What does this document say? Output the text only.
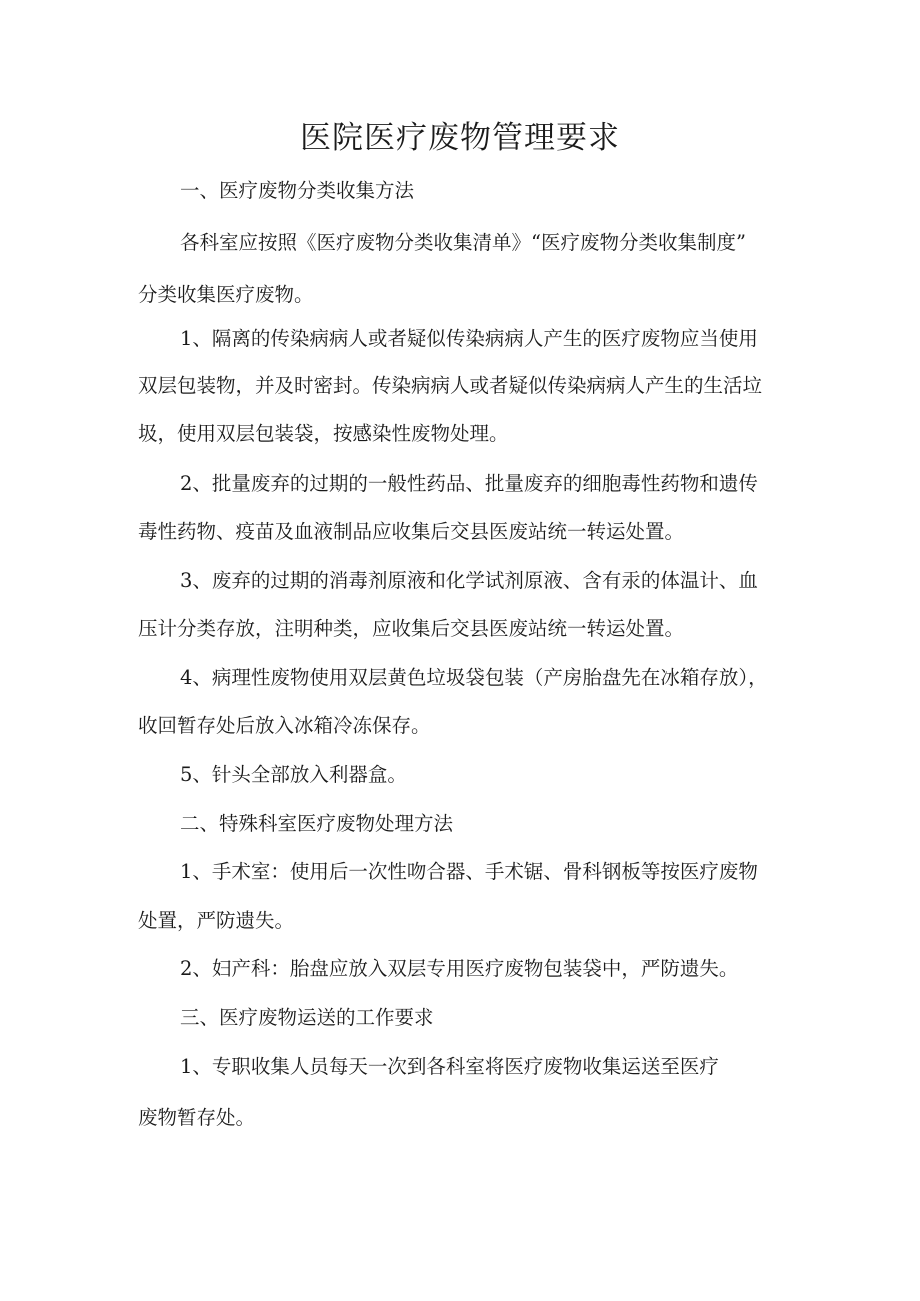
医院医疗废物管理要求

一、医疗废物分类收集方法

各科室应按照《医疗废物分类收集清单》“医疗废物分类收集制度”

分类收集医疗废物。

1、隔离的传染病病人或者疑似传染病病人产生的医疗废物应当使用

双层包装物，并及时密封。传染病病人或者疑似传染病病人产生的生活垃

圾，使用双层包装袋，按感染性废物处理。

2、批量废弃的过期的一般性药品、批量废弃的细胞毒性药物和遗传

毒性药物、疫苗及血液制品应收集后交县医废站统一转运处置。

3、废弃的过期的消毒剂原液和化学试剂原液、含有汞的体温计、血

压计分类存放，注明种类，应收集后交县医废站统一转运处置。

4、病理性废物使用双层黄色垃圾袋包装（产房胎盘先在冰箱存放），

收回暂存处后放入冰箱冷冻保存。

5、针头全部放入利器盒。

二、特殊科室医疗废物处理方法

1、手术室：使用后一次性吻合器、手术锯、骨科钢板等按医疗废物

处置，严防遗失。

2、妇产科：胎盘应放入双层专用医疗废物包装袋中，严防遗失。

三、医疗废物运送的工作要求

1、专职收集人员每天一次到各科室将医疗废物收集运送至医疗

废物暂存处。
